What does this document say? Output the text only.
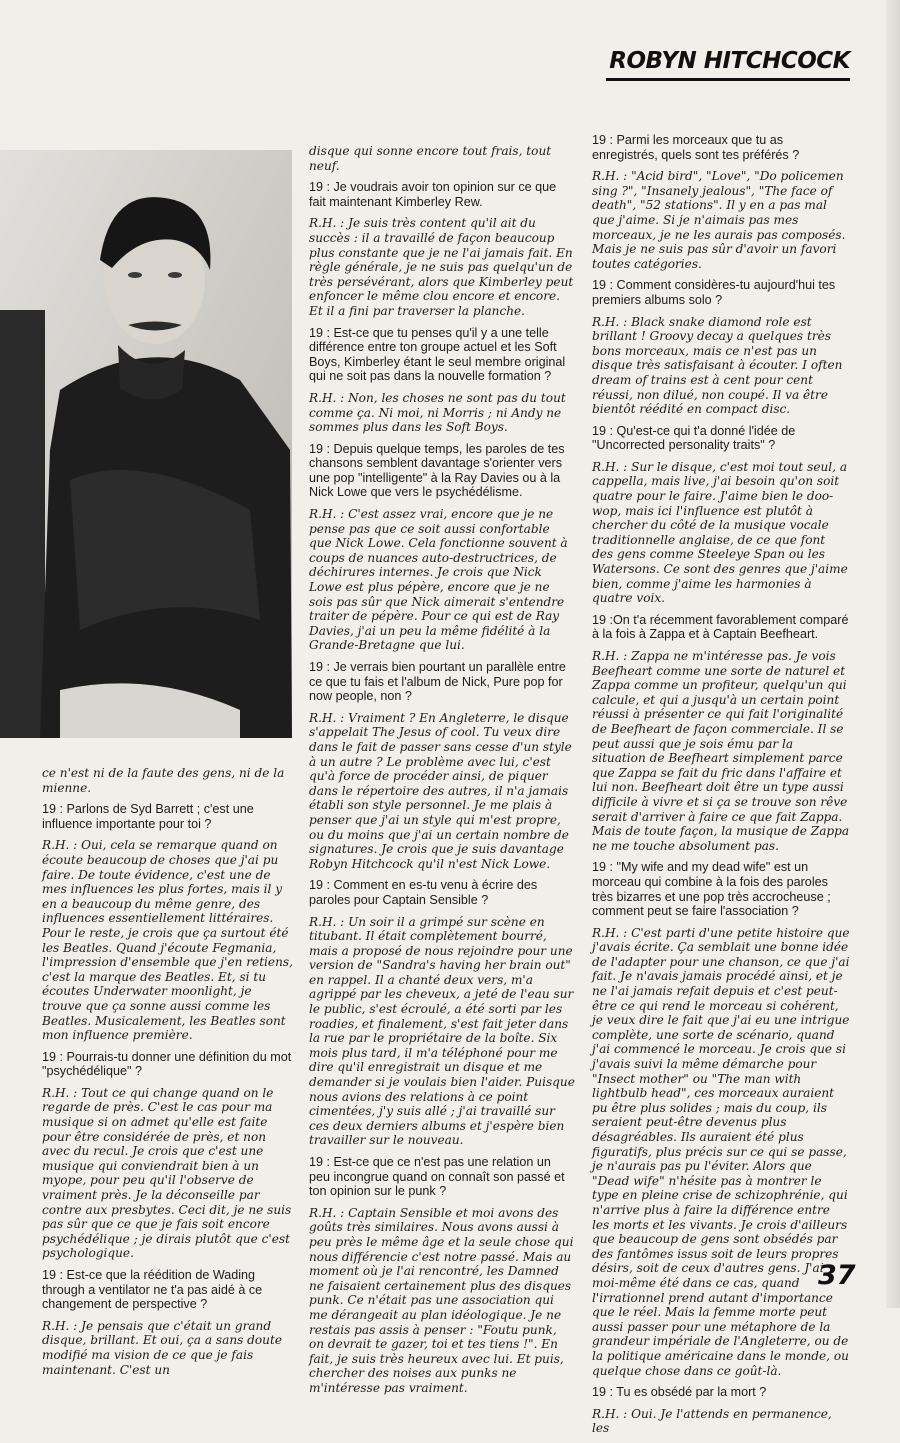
ROBYN HITCHCOCK

ce n'est ni de la faute des gens, ni de la mienne.

19 : Parlons de Syd Barrett ; c'est une influence importante pour toi ?

R.H. : Oui, cela se remarque quand on écoute beaucoup de choses que j'ai pu faire. De toute évidence, c'est une de mes influences les plus fortes, mais il y en a beaucoup du même genre, des influences essentiellement littéraires. Pour le reste, je crois que ça surtout été les Beatles. Quand j'écoute Fegmania, l'impression d'ensemble que j'en retiens, c'est la marque des Beatles. Et, si tu écoutes Underwater moonlight, je trouve que ça sonne aussi comme les Beatles. Musicalement, les Beatles sont mon influence première.

19 : Pourrais-tu donner une définition du mot "psychédélique" ?

R.H. : Tout ce qui change quand on le regarde de près. C'est le cas pour ma musique si on admet qu'elle est faite pour être considérée de près, et non avec du recul. Je crois que c'est une musique qui conviendrait bien à un myope, pour peu qu'il l'observe de vraiment près. Je la déconseille par contre aux presbytes. Ceci dit, je ne suis pas sûr que ce que je fais soit encore psychédélique ; je dirais plutôt que c'est psychologique.

19 : Est-ce que la réédition de Wading through a ventilator ne t'a pas aidé à ce changement de perspective ?

R.H. : Je pensais que c'était un grand disque, brillant. Et oui, ça a sans doute modifié ma vision de ce que je fais maintenant. C'est un

disque qui sonne encore tout frais, tout neuf.

19 : Je voudrais avoir ton opinion sur ce que fait maintenant Kimberley Rew.

R.H. : Je suis très content qu'il ait du succès : il a travaillé de façon beaucoup plus constante que je ne l'ai jamais fait. En règle générale, je ne suis pas quelqu'un de très persévérant, alors que Kimberley peut enfoncer le même clou encore et encore. Et il a fini par traverser la planche.

19 : Est-ce que tu penses qu'il y a une telle différence entre ton groupe actuel et les Soft Boys, Kimberley étant le seul membre original qui ne soit pas dans la nouvelle formation ?

R.H. : Non, les choses ne sont pas du tout comme ça. Ni moi, ni Morris ; ni Andy ne sommes plus dans les Soft Boys.

19 : Depuis quelque temps, les paroles de tes chansons semblent davantage s'orienter vers une pop "intelligente" à la Ray Davies ou à la Nick Lowe que vers le psychédélisme.

R.H. : C'est assez vrai, encore que je ne pense pas que ce soit aussi confortable que Nick Lowe. Cela fonctionne souvent à coups de nuances auto-destructrices, de déchirures internes. Je crois que Nick Lowe est plus pépère, encore que je ne sois pas sûr que Nick aimerait s'entendre traiter de pépère. Pour ce qui est de Ray Davies, j'ai un peu la même fidélité à la Grande-Bretagne que lui.

19 : Je verrais bien pourtant un parallèle entre ce que tu fais et l'album de Nick, Pure pop for now people, non ?

R.H. : Vraiment ? En Angleterre, le disque s'appelait The Jesus of cool. Tu veux dire dans le fait de passer sans cesse d'un style à un autre ? Le problème avec lui, c'est qu'à force de procéder ainsi, de piquer dans le répertoire des autres, il n'a jamais établi son style personnel. Je me plais à penser que j'ai un style qui m'est propre, ou du moins que j'ai un certain nombre de signatures. Je crois que je suis davantage Robyn Hitchcock qu'il n'est Nick Lowe.

19 : Comment en es-tu venu à écrire des paroles pour Captain Sensible ?

R.H. : Un soir il a grimpé sur scène en titubant. Il était complètement bourré, mais a proposé de nous rejoindre pour une version de "Sandra's having her brain out" en rappel. Il a chanté deux vers, m'a agrippé par les cheveux, a jeté de l'eau sur le public, s'est écroulé, a été sorti par les roadies, et finalement, s'est fait jeter dans la rue par le propriétaire de la boîte. Six mois plus tard, il m'a téléphoné pour me dire qu'il enregistrait un disque et me demander si je voulais bien l'aider. Puisque nous avions des relations à ce point cimentées, j'y suis allé ; j'ai travaillé sur ces deux derniers albums et j'espère bien travailler sur le nouveau.

19 : Est-ce que ce n'est pas une relation un peu incongrue quand on connaît son passé et ton opinion sur le punk ?

R.H. : Captain Sensible et moi avons des goûts très similaires. Nous avons aussi à peu près le même âge et la seule chose qui nous différencie c'est notre passé. Mais au moment où je l'ai rencontré, les Damned ne faisaient certainement plus des disques punk. Ce n'était pas une association qui me dérangeait au plan idéologique. Je ne restais pas assis à penser : "Foutu punk, on devrait te gazer, toi et tes tiens !". En fait, je suis très heureux avec lui. Et puis, chercher des noises aux punks ne m'intéresse pas vraiment.

19 : Parmi les morceaux que tu as enregistrés, quels sont tes préférés ?

R.H. : "Acid bird", "Love", "Do policemen sing ?", "Insanely jealous", "The face of death", "52 stations". Il y en a pas mal que j'aime. Si je n'aimais pas mes morceaux, je ne les aurais pas composés. Mais je ne suis pas sûr d'avoir un favori toutes catégories.

19 : Comment considères-tu aujourd'hui tes premiers albums solo ?

R.H. : Black snake diamond role est brillant ! Groovy decay a quelques très bons morceaux, mais ce n'est pas un disque très satisfaisant à écouter. I often dream of trains est à cent pour cent réussi, non dilué, non coupé. Il va être bientôt réédité en compact disc.

19 : Qu'est-ce qui t'a donné l'idée de "Uncorrected personality traits" ?

R.H. : Sur le disque, c'est moi tout seul, a cappella, mais live, j'ai besoin qu'on soit quatre pour le faire. J'aime bien le doo-wop, mais ici l'influence est plutôt à chercher du côté de la musique vocale traditionnelle anglaise, de ce que font des gens comme Steeleye Span ou les Watersons. Ce sont des genres que j'aime bien, comme j'aime les harmonies à quatre voix.

19 :On t'a récemment favorablement comparé à la fois à Zappa et à Captain Beefheart.

R.H. : Zappa ne m'intéresse pas. Je vois Beefheart comme une sorte de naturel et Zappa comme un profiteur, quelqu'un qui calcule, et qui a jusqu'à un certain point réussi à présenter ce qui fait l'originalité de Beefheart de façon commerciale. Il se peut aussi que je sois ému par la situation de Beefheart simplement parce que Zappa se fait du fric dans l'affaire et lui non. Beefheart doit être un type aussi difficile à vivre et si ça se trouve son rêve serait d'arriver à faire ce que fait Zappa. Mais de toute façon, la musique de Zappa ne me touche absolument pas.

19 : "My wife and my dead wife" est un morceau qui combine à la fois des paroles très bizarres et une pop très accrocheuse ; comment peut se faire l'association ?

R.H. : C'est parti d'une petite histoire que j'avais écrite. Ça semblait une bonne idée de l'adapter pour une chanson, ce que j'ai fait. Je n'avais jamais procédé ainsi, et je ne l'ai jamais refait depuis et c'est peut-être ce qui rend le morceau si cohérent, je veux dire le fait que j'ai eu une intrigue complète, une sorte de scénario, quand j'ai commencé le morceau. Je crois que si j'avais suivi la même démarche pour "Insect mother" ou "The man with lightbulb head", ces morceaux auraient pu être plus solides ; mais du coup, ils seraient peut-être devenus plus désagréables. Ils auraient été plus figuratifs, plus précis sur ce qui se passe, je n'aurais pas pu l'éviter. Alors que "Dead wife" n'hésite pas à montrer le type en pleine crise de schizophrénie, qui n'arrive plus à faire la différence entre les morts et les vivants. Je crois d'ailleurs que beaucoup de gens sont obsédés par des fantômes issus soit de leurs propres désirs, soit de ceux d'autres gens. J'ai moi-même été dans ce cas, quand l'irrationnel prend autant d'importance que le réel. Mais la femme morte peut aussi passer pour une métaphore de la grandeur impériale de l'Angleterre, ou de la politique américaine dans le monde, ou quelque chose dans ce goût-là.

19 : Tu es obsédé par la mort ?

R.H. : Oui. Je l'attends en permanence, les

37
